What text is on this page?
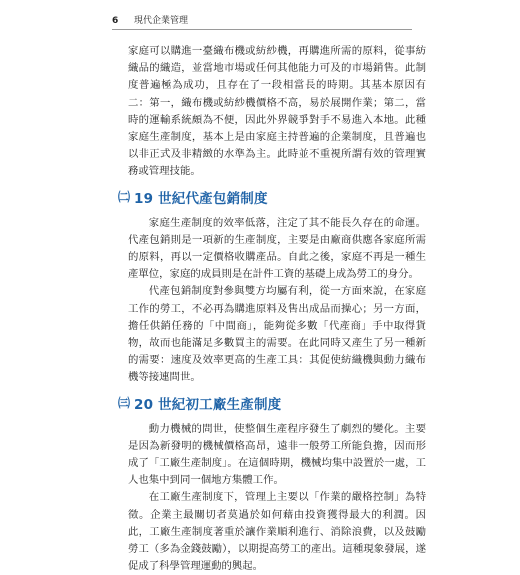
6 現代企業管理

家庭可以購進一臺織布機或紡紗機，再購進所需的原料，從事紡織品的織造，並當地市場或任何其他能力可及的市場銷售。此制度普遍極為成功，且存在了一段相當長的時期。其基本原因有二：第一，織布機或紡紗機價格不高，易於展開作業；第二，當時的運輸系統頗為不便，因此外界競爭對手不易進入本地。此種家庭生產制度，基本上是由家庭主持普遍的企業制度，且普遍也以非正式及非精緻的水準為主。此時並不重視所謂有效的管理實務或管理技能。

㈡ 19 世紀代產包銷制度

家庭生產制度的效率低落，注定了其不能長久存在的命運。代產包銷則是一項新的生產制度，主要是由廠商供應各家庭所需的原料，再以一定價格收購產品。自此之後，家庭不再是一種生產單位，家庭的成員則是在計件工資的基礎上成為勞工的身分。

代產包銷制度對參與雙方均屬有利，從一方面來說，在家庭工作的勞工，不必再為購進原料及售出成品而操心；另一方面，擔任供銷任務的「中間商」，能夠從多數「代產商」手中取得貨物，故而也能滿足多數買主的需要。在此同時又產生了另一種新的需要：速度及效率更高的生產工具：其促使紡織機與動力織布機等接連問世。

㈢ 20 世紀初工廠生產制度

動力機械的問世，使整個生產程序發生了劇烈的變化。主要是因為新發明的機械價格高昂，遠非一般勞工所能負擔，因而形成了「工廠生產制度」。在這個時期，機械均集中設置於一處，工人也集中到同一個地方集體工作。

在工廠生產制度下，管理上主要以「作業的嚴格控制」為特徵。企業主最關切者莫過於如何藉由投資獲得最大的利潤。因此，工廠生產制度著重於讓作業順利進行、消除浪費，以及鼓勵勞工（多為金錢鼓勵），以期提高勞工的產出。這種現象發展，遂促成了科學管理運動的興起。
